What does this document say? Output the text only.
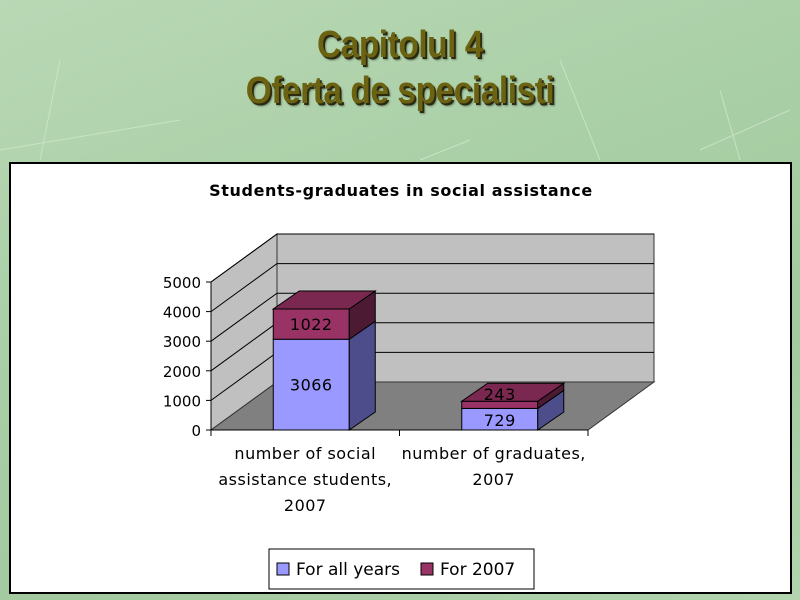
Capitolul 4
Oferta de specialisti
Students-graduates in social assistance
0
1000
2000
3000
4000
5000
number of social
assistance students,
2007
number of graduates,
2007
3066
1022
729
243
For all years For 2007
